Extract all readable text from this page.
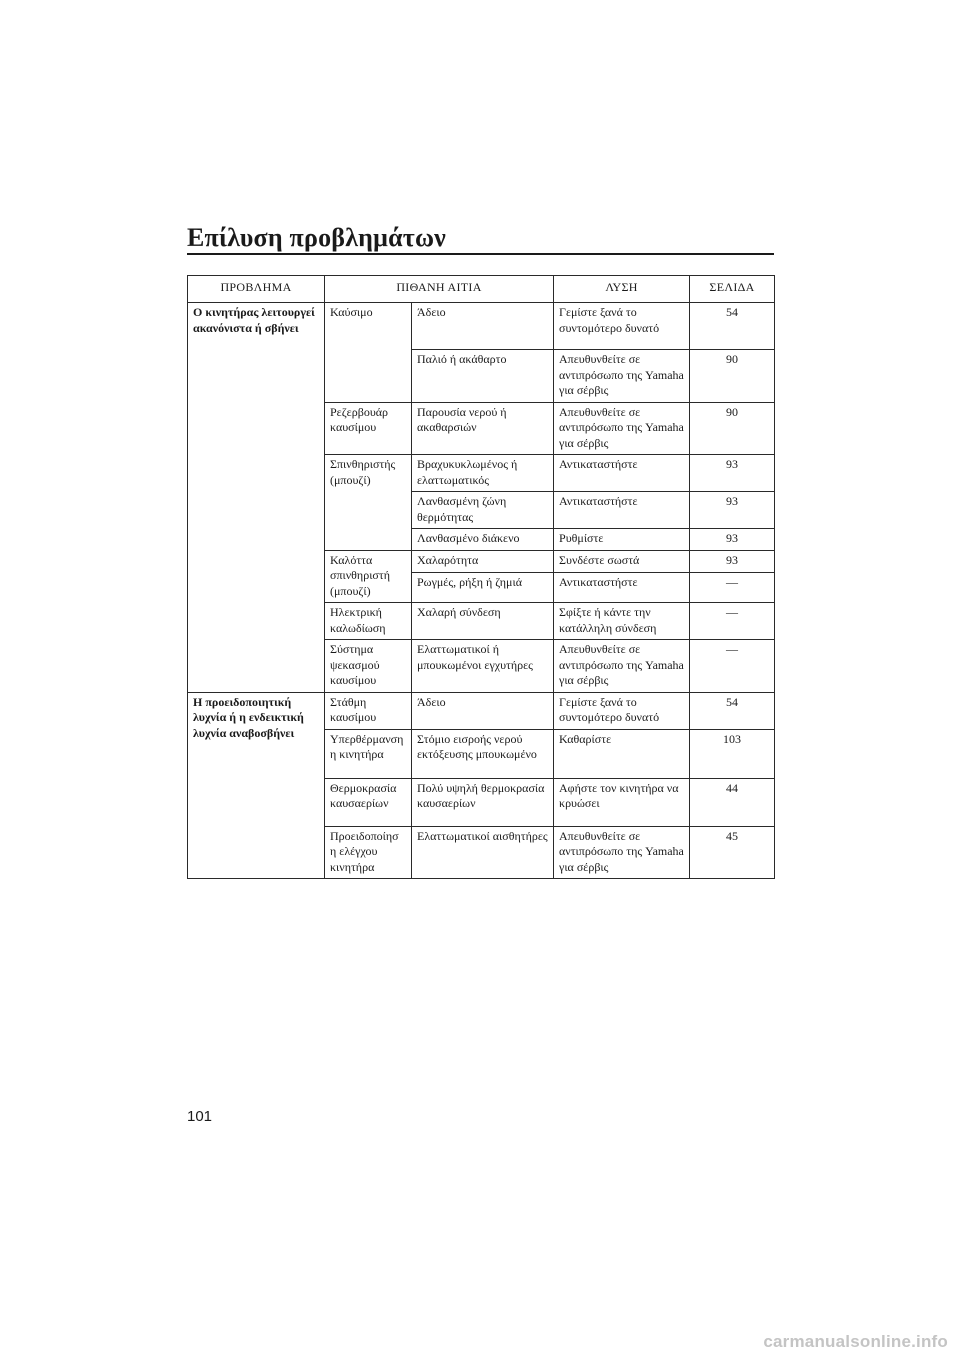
Επίλυση προβλημάτων
ΠΡΟΒΛΗΜΑ	ΠΙΘΑΝΗ ΑΙΤΙΑ		ΛΥΣΗ	ΣΕΛΙΔΑ
Ο κινητήρας λειτουργεί ακανόνιστα ή σβήνει	Καύσιμο	Άδειο	Γεμίστε ξανά το συντομότερο δυνατό	54
		Παλιό ή ακάθαρτο	Απευθυνθείτε σε αντιπρόσωπο της Yamaha για σέρβις	90
	Ρεζερβουάρ καυσίμου	Παρουσία νερού ή ακαθαρσιών	Απευθυνθείτε σε αντιπρόσωπο της Yamaha για σέρβις	90
	Σπινθηριστής (μπουζί)	Βραχυκυκλωμένος ή ελαττωματικός	Αντικαταστήστε	93
		Λανθασμένη ζώνη θερμότητας	Αντικαταστήστε	93
		Λανθασμένο διάκενο	Ρυθμίστε	93
	Καλόττα σπινθηριστή (μπουζί)	Χαλαρότητα	Συνδέστε σωστά	93
		Ρωγμές, ρήξη ή ζημιά	Αντικαταστήστε	—
	Ηλεκτρική καλωδίωση	Χαλαρή σύνδεση	Σφίξτε ή κάντε την κατάλληλη σύνδεση	—
	Σύστημα ψεκασμού καυσίμου	Ελαττωματικοί ή μπουκωμένοι εγχυτήρες	Απευθυνθείτε σε αντιπρόσωπο της Yamaha για σέρβις	—
Η προειδοποιητική λυχνία ή η ενδεικτική λυχνία αναβοσβήνει	Στάθμη καυσίμου	Άδειο	Γεμίστε ξανά το συντομότερο δυνατό	54
	Υπερθέρμανση η κινητήρα	Στόμιο εισροής νερού εκτόξευσης μπουκωμένο	Καθαρίστε	103
	Θερμοκρασία καυσαερίων	Πολύ υψηλή θερμοκρασία καυσαερίων	Αφήστε τον κινητήρα να κρυώσει	44
	Προειδοποίησ η ελέγχου κινητήρα	Ελαττωματικοί αισθητήρες	Απευθυνθείτε σε αντιπρόσωπο της Yamaha για σέρβις	45
101
carmanualsonline.info
